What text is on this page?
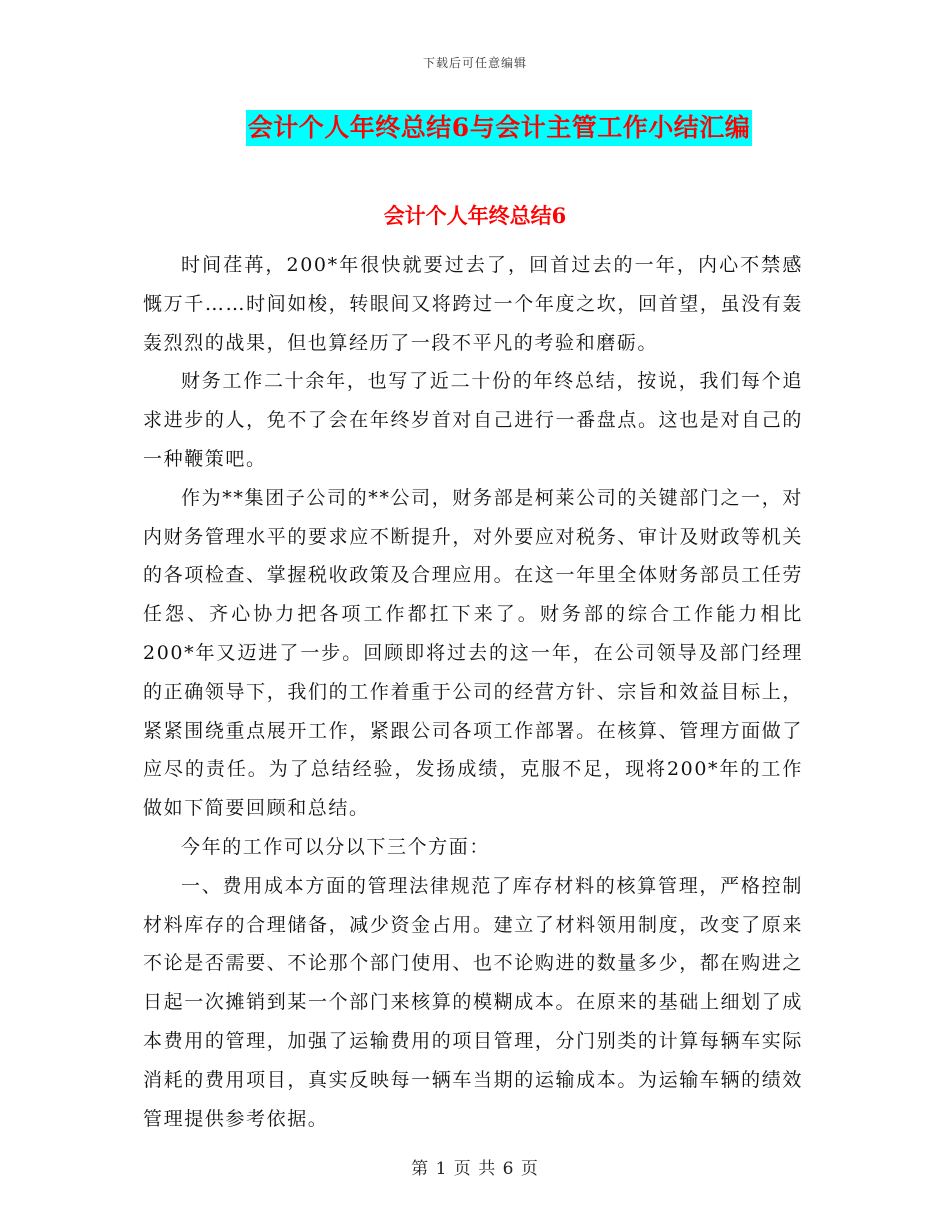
下载后可任意编辑
会计个人年终总结6与会计主管工作小结汇编
会计个人年终总结6

时间荏苒，200*年很快就要过去了，回首过去的一年，内心不禁感慨万千……时间如梭，转眼间又将跨过一个年度之坎，回首望，虽没有轰轰烈烈的战果，但也算经历了一段不平凡的考验和磨砺。

财务工作二十余年，也写了近二十份的年终总结，按说，我们每个追求进步的人，免不了会在年终岁首对自己进行一番盘点。这也是对自己的一种鞭策吧。

作为**集团子公司的**公司，财务部是柯莱公司的关键部门之一，对内财务管理水平的要求应不断提升，对外要应对税务、审计及财政等机关的各项检查、掌握税收政策及合理应用。在这一年里全体财务部员工任劳任怨、齐心协力把各项工作都扛下来了。财务部的综合工作能力相比200*年又迈进了一步。回顾即将过去的这一年，在公司领导及部门经理的正确领导下，我们的工作着重于公司的经营方针、宗旨和效益目标上，紧紧围绕重点展开工作，紧跟公司各项工作部署。在核算、管理方面做了应尽的责任。为了总结经验，发扬成绩，克服不足，现将200*年的工作做如下简要回顾和总结。

今年的工作可以分以下三个方面：

一、费用成本方面的管理法律规范了库存材料的核算管理，严格控制材料库存的合理储备，减少资金占用。建立了材料领用制度，改变了原来不论是否需要、不论那个部门使用、也不论购进的数量多少，都在购进之日起一次摊销到某一个部门来核算的模糊成本。在原来的基础上细划了成本费用的管理，加强了运输费用的项目管理，分门别类的计算每辆车实际消耗的费用项目，真实反映每一辆车当期的运输成本。为运输车辆的绩效管理提供参考依据。

第 1 页 共 6 页
